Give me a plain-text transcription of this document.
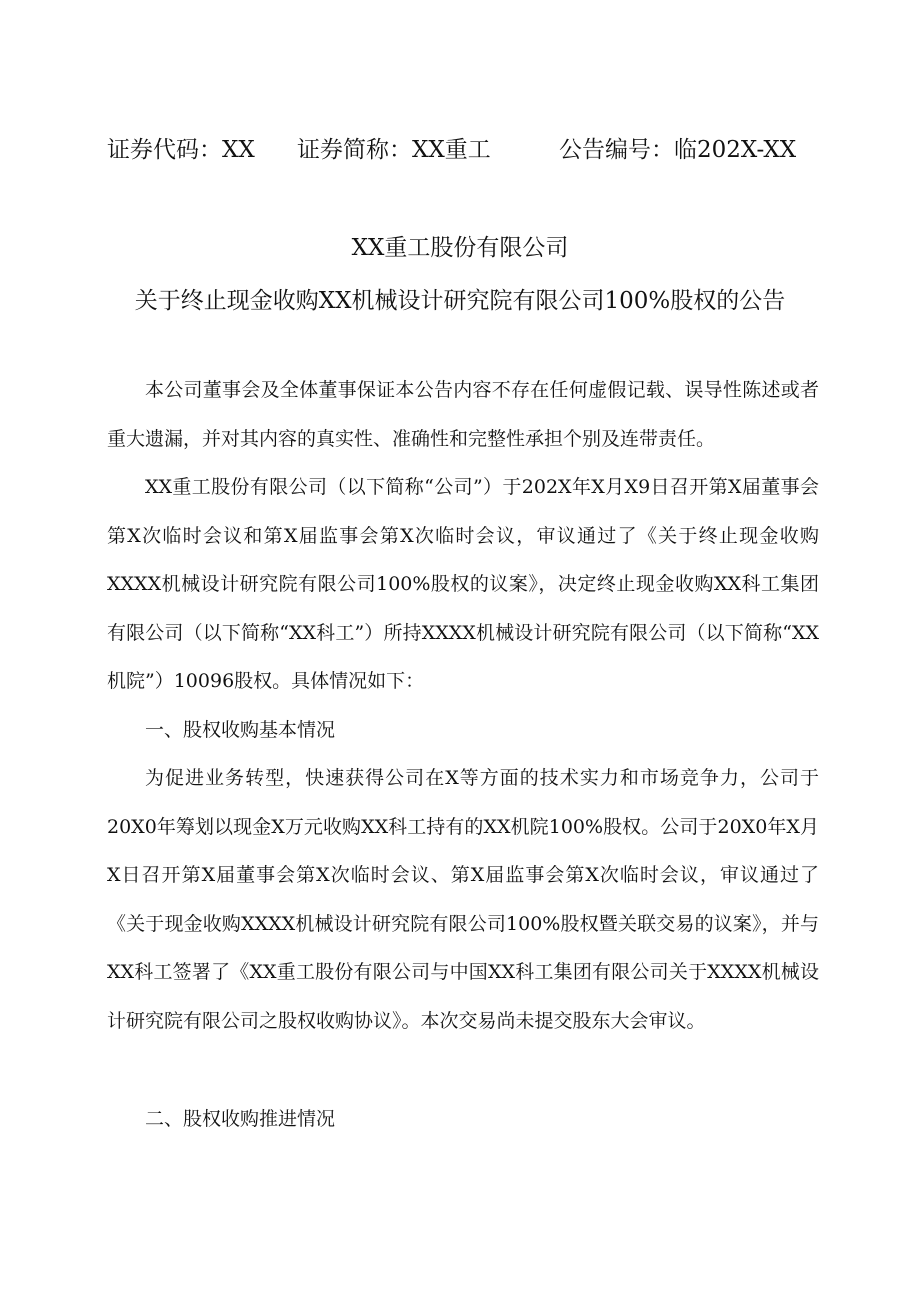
证券代码：XX 证券简称：XX重工	公告编号：临202X-XX
XX重工股份有限公司
关于终止现金收购XX机械设计研究院有限公司100%股权的公告

本公司董事会及全体董事保证本公告内容不存在任何虚假记载、误导性陈述或者重大遗漏，并对其内容的真实性、准确性和完整性承担个别及连带责任。

XX重工股份有限公司（以下简称“公司”）于202X年X月X9日召开第X届董事会第X次临时会议和第X届监事会第X次临时会议，审议通过了《关于终止现金收购XXXX机械设计研究院有限公司100%股权的议案》，决定终止现金收购XX科工集团有限公司（以下简称“XX科工”）所持XXXX机械设计研究院有限公司（以下简称“XX机院”）10096股权。具体情况如下：

一、股权收购基本情况

为促进业务转型，快速获得公司在X等方面的技术实力和市场竞争力，公司于20X0年筹划以现金X万元收购XX科工持有的XX机院100%股权。公司于20X0年X月X日召开第X届董事会第X次临时会议、第X届监事会第X次临时会议，审议通过了《关于现金收购XXXX机械设计研究院有限公司100%股权暨关联交易的议案》，并与XX科工签署了《XX重工股份有限公司与中国XX科工集团有限公司关于XXXX机械设计研究院有限公司之股权收购协议》。本次交易尚未提交股东大会审议。

二、股权收购推进情况
